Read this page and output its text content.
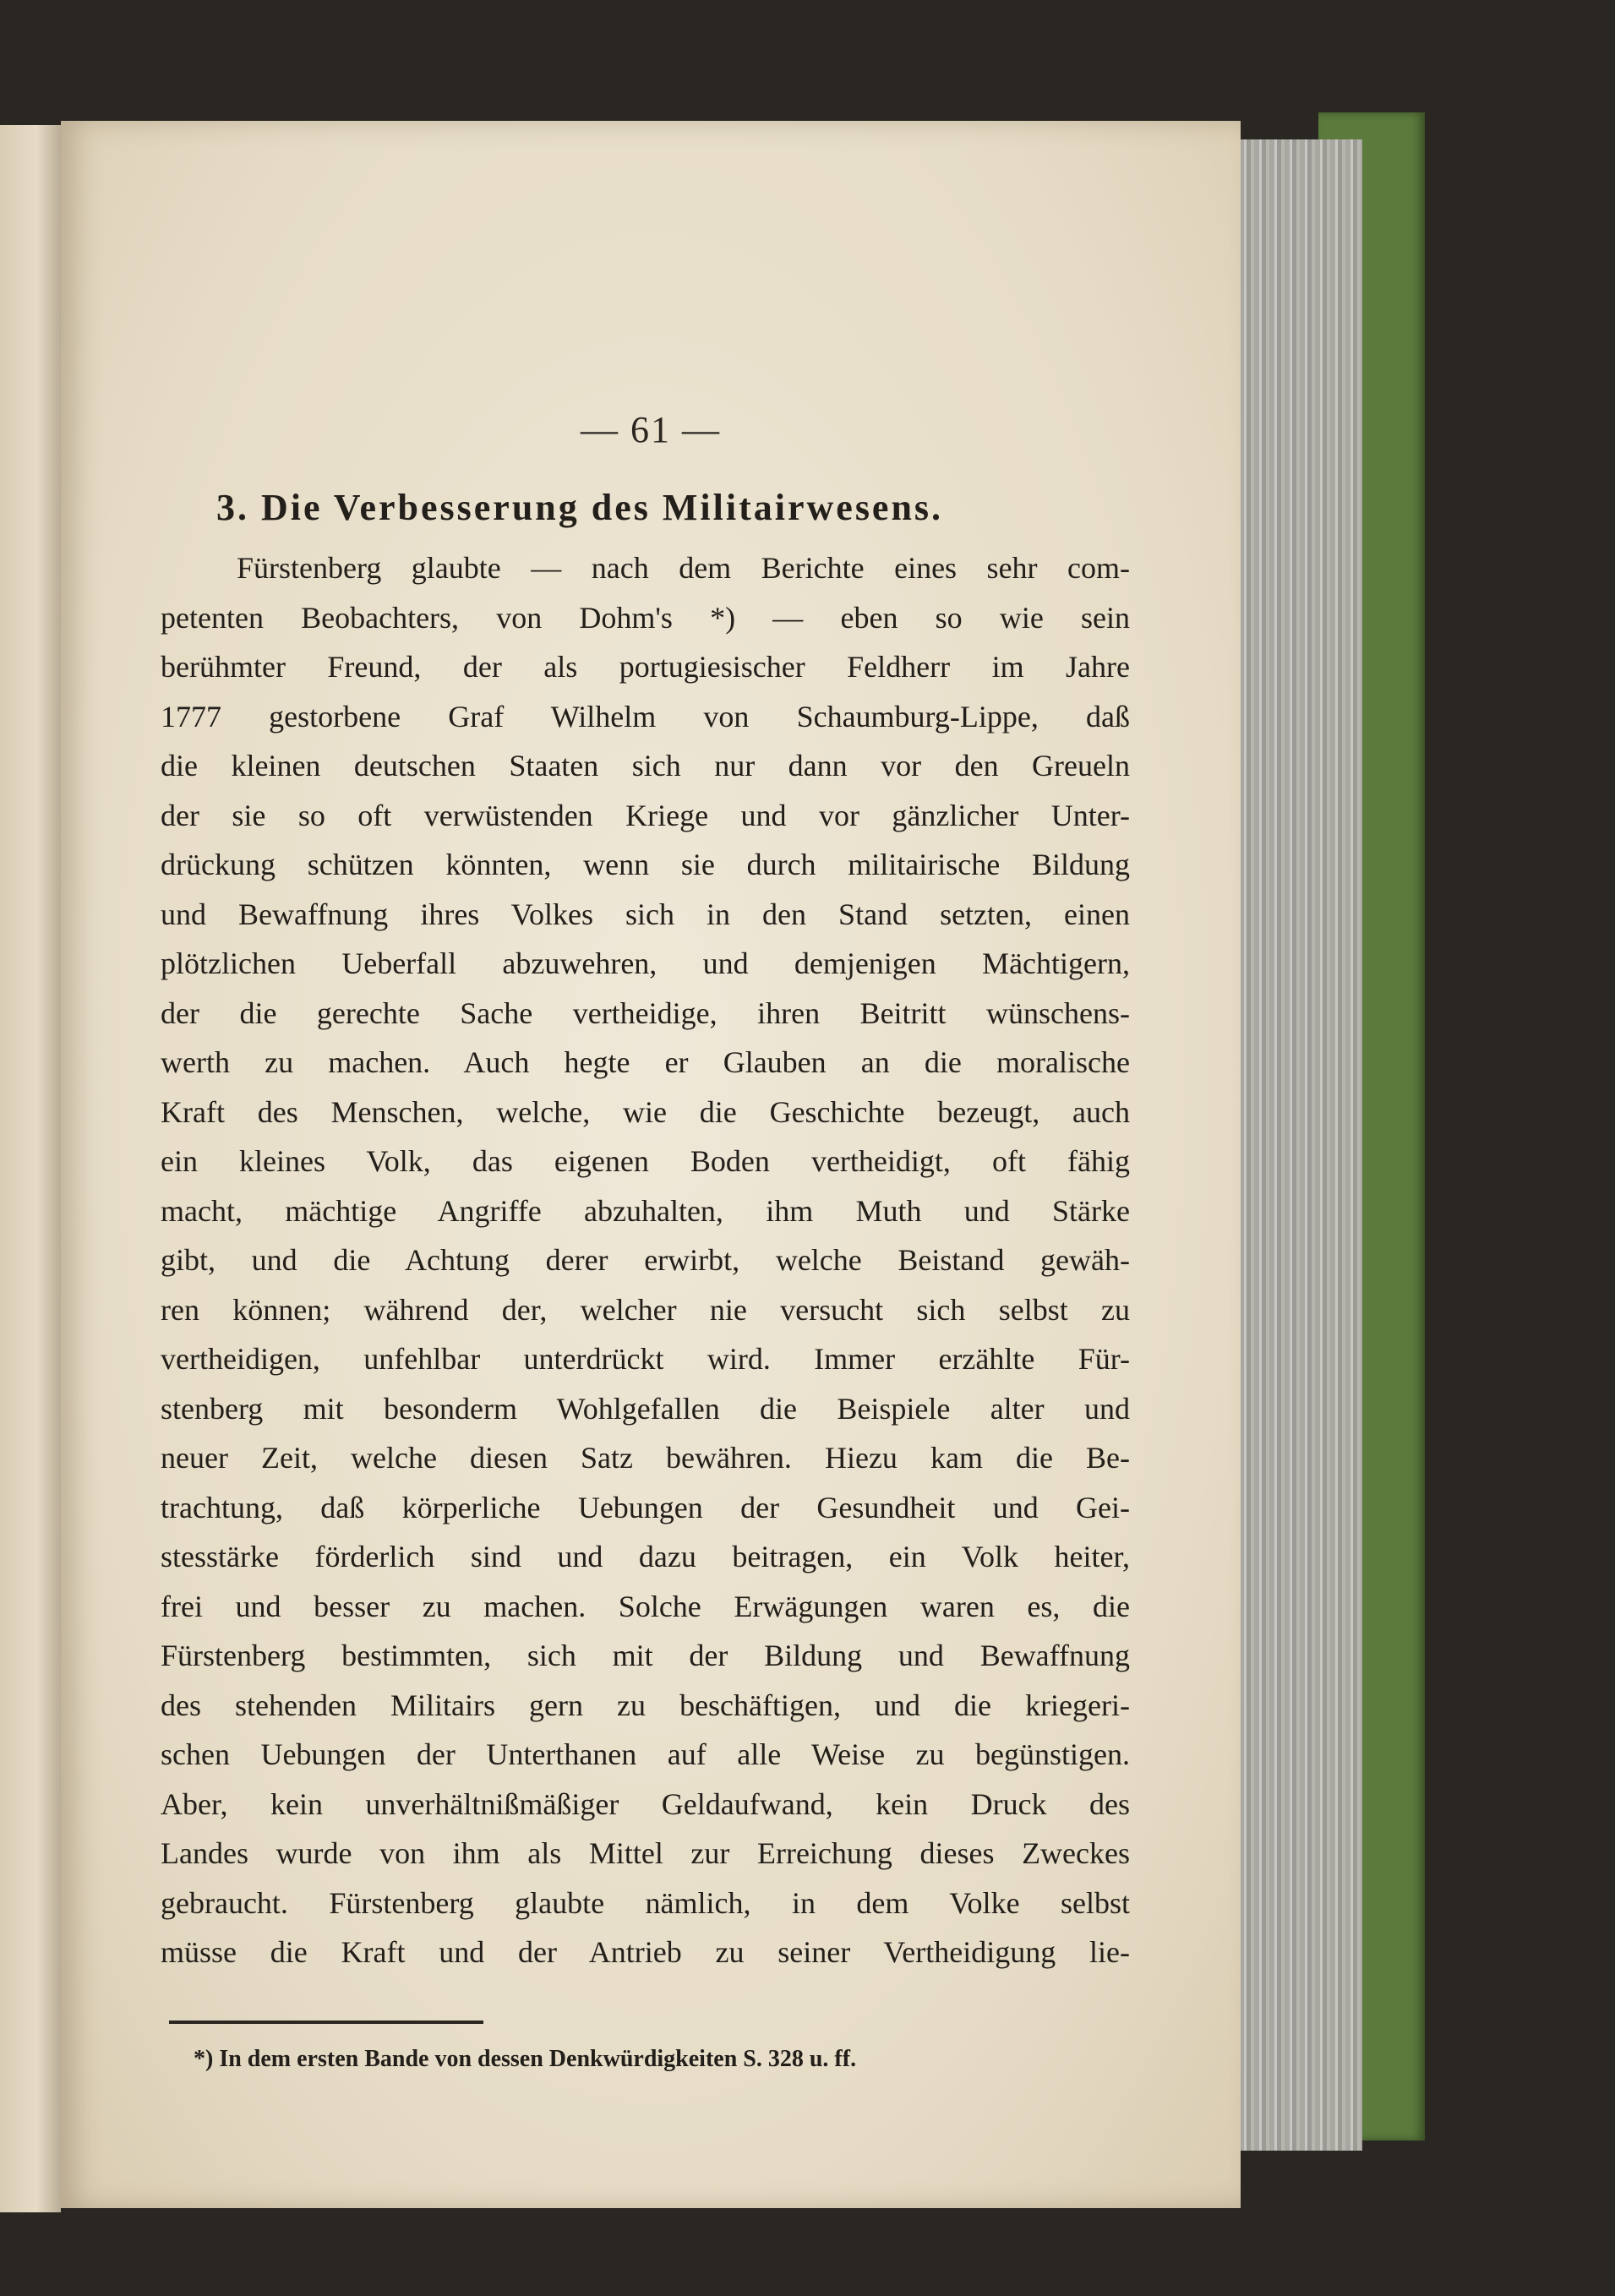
— 61 —
3. Die Verbesserung des Militairwesens.
Fürstenberg glaubte — nach dem Berichte eines sehr com-
petenten Beobachters, von Dohm's *) — eben so wie sein
berühmter Freund, der als portugiesischer Feldherr im Jahre
1777 gestorbene Graf Wilhelm von Schaumburg-Lippe, daß
die kleinen deutschen Staaten sich nur dann vor den Greueln
der sie so oft verwüstenden Kriege und vor gänzlicher Unter-
drückung schützen könnten, wenn sie durch militairische Bildung
und Bewaffnung ihres Volkes sich in den Stand setzten, einen
plötzlichen Ueberfall abzuwehren, und demjenigen Mächtigern,
der die gerechte Sache vertheidige, ihren Beitritt wünschens-
werth zu machen. Auch hegte er Glauben an die moralische
Kraft des Menschen, welche, wie die Geschichte bezeugt, auch
ein kleines Volk, das eigenen Boden vertheidigt, oft fähig
macht, mächtige Angriffe abzuhalten, ihm Muth und Stärke
gibt, und die Achtung derer erwirbt, welche Beistand gewäh-
ren können; während der, welcher nie versucht sich selbst zu
vertheidigen, unfehlbar unterdrückt wird. Immer erzählte Für-
stenberg mit besonderm Wohlgefallen die Beispiele alter und
neuer Zeit, welche diesen Satz bewähren. Hiezu kam die Be-
trachtung, daß körperliche Uebungen der Gesundheit und Gei-
stesstärke förderlich sind und dazu beitragen, ein Volk heiter,
frei und besser zu machen. Solche Erwägungen waren es, die
Fürstenberg bestimmten, sich mit der Bildung und Bewaffnung
des stehenden Militairs gern zu beschäftigen, und die kriegeri-
schen Uebungen der Unterthanen auf alle Weise zu begünstigen.
Aber, kein unverhältnißmäßiger Geldaufwand, kein Druck des
Landes wurde von ihm als Mittel zur Erreichung dieses Zweckes
gebraucht. Fürstenberg glaubte nämlich, in dem Volke selbst
müsse die Kraft und der Antrieb zu seiner Vertheidigung lie-
*) In dem ersten Bande von dessen Denkwürdigkeiten S. 328 u. ff.
